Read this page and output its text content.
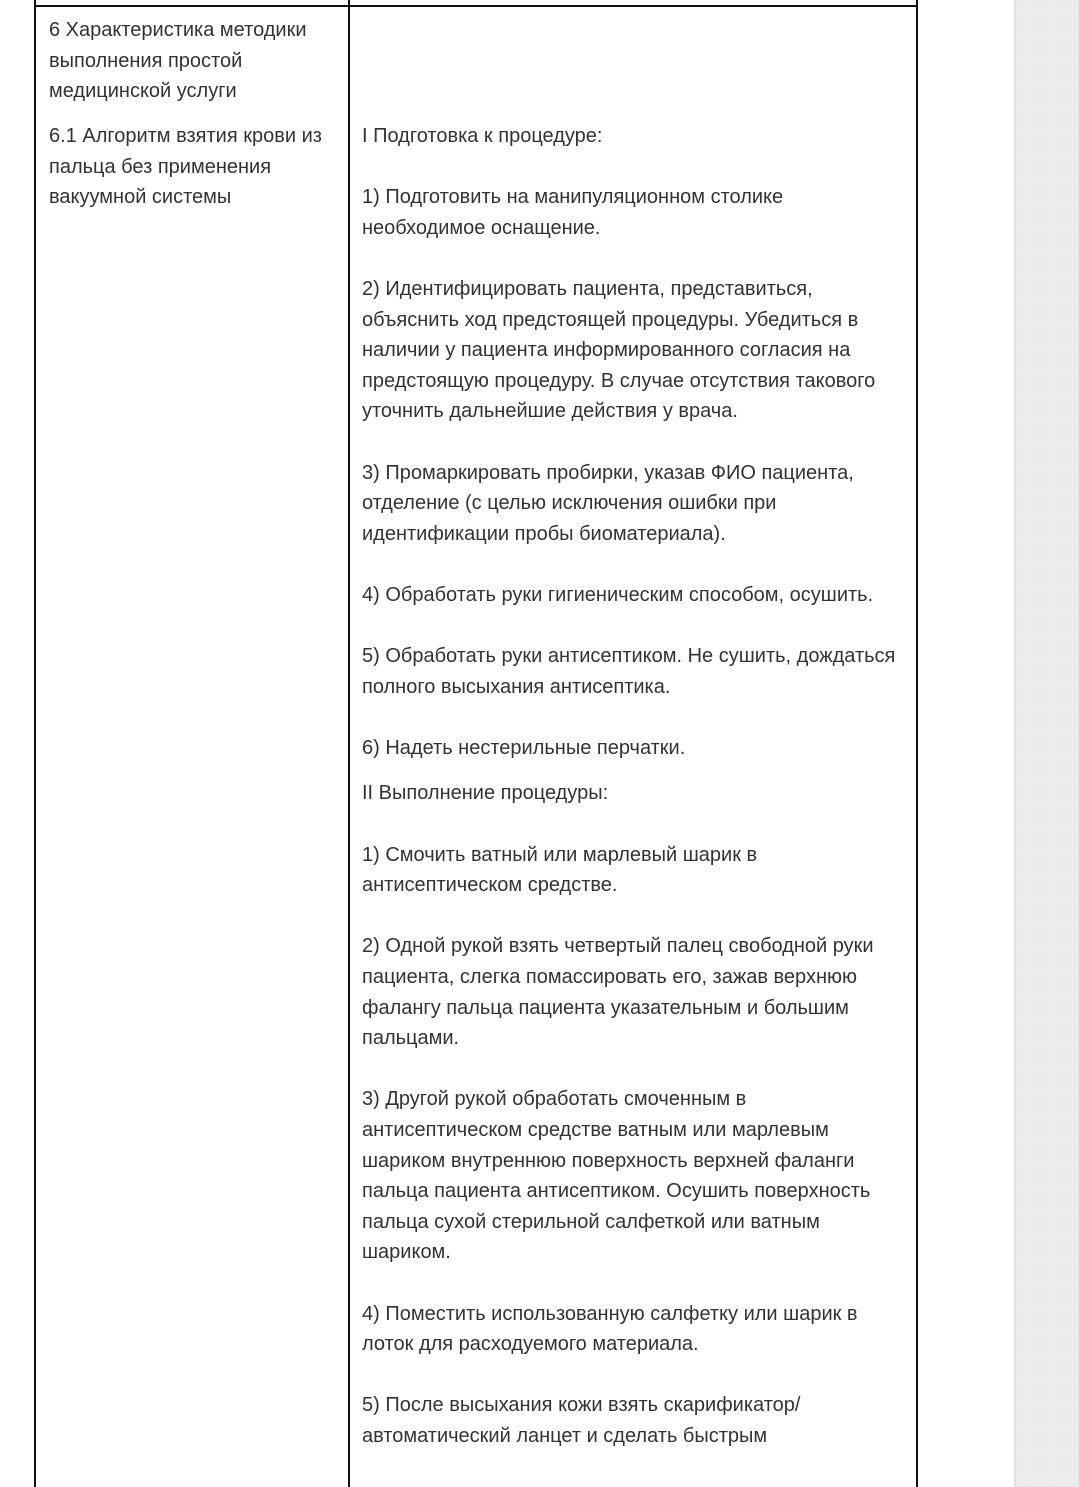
6 Характеристика методики выполнения простой медицинской услуги

6.1 Алгоритм взятия крови из пальца без применения вакуумной системы

I Подготовка к процедуре:

1) Подготовить на манипуляционном столике необходимое оснащение.

2) Идентифицировать пациента, представиться, объяснить ход предстоящей процедуры. Убедиться в наличии у пациента информированного согласия на предстоящую процедуру. В случае отсутствия такового уточнить дальнейшие действия у врача.

3) Промаркировать пробирки, указав ФИО пациента, отделение (с целью исключения ошибки при идентификации пробы биоматериала).

4) Обработать руки гигиеническим способом, осушить.

5) Обработать руки антисептиком. Не сушить, дождаться полного высыхания антисептика.

6) Надеть нестерильные перчатки.

II Выполнение процедуры:

1) Смочить ватный или марлевый шарик в антисептическом средстве.

2) Одной рукой взять четвертый палец свободной руки пациента, слегка помассировать его, зажав верхнюю фалангу пальца пациента указательным и большим пальцами.

3) Другой рукой обработать смоченным в антисептическом средстве ватным или марлевым шариком внутреннюю поверхность верхней фаланги пальца пациента антисептиком. Осушить поверхность пальца сухой стерильной салфеткой или ватным шариком.

4) Поместить использованную салфетку или шарик в лоток для расходуемого материала.

5) После высыхания кожи взять скарификатор/ автоматический ланцет и сделать быстрым
